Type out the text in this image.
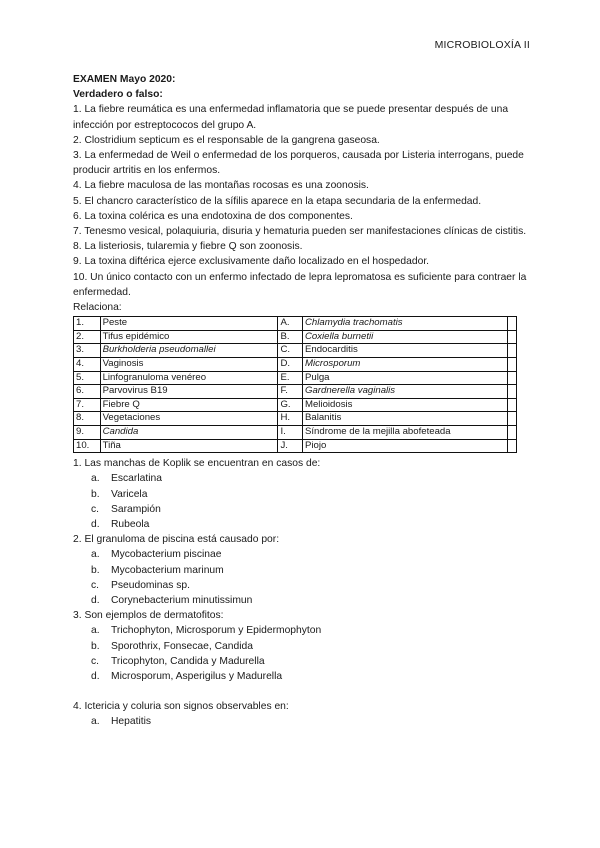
MICROBIOLOXÍA II

EXAMEN Mayo 2020:

Verdadero o falso:

1. La fiebre reumática es una enfermedad inflamatoria que se puede presentar después de una infección por estreptococos del grupo A.

2. Clostridium septicum es el responsable de la gangrena gaseosa.

3. La enfermedad de Weil o enfermedad de los porqueros, causada por Listeria interrogans, puede producir artritis en los enfermos.

4. La fiebre maculosa de las montañas rocosas es una zoonosis.

5. El chancro característico de la sífilis aparece en la etapa secundaria de la enfermedad.

6. La toxina colérica es una endotoxina de dos componentes.

7. Tenesmo vesical, polaquiuria, disuria y hematuria pueden ser manifestaciones clínicas de cistitis.

8. La listeriosis, tularemia y fiebre Q son zoonosis.

9. La toxina diftérica ejerce exclusivamente daño localizado en el hospedador.

10. Un único contacto con un enfermo infectado de lepra lepromatosa es suficiente para contraer la enfermedad.

Relaciona:

1.	Peste	A.	Chlamydia trachomatis	
2.	Tifus epidémico	B.	Coxiella burnetii	
3.	Burkholderia pseudomallei	C.	Endocarditis	
4.	Vaginosis	D.	Microsporum	
5.	Linfogranuloma venéreo	E.	Pulga	
6.	Parvovirus B19	F.	Gardnerella vaginalis	
7.	Fiebre Q	G.	Melioidosis	
8.	Vegetaciones	H.	Balanitis	
9.	Candida	I.	Síndrome de la mejilla abofeteada	
10.	Tiña	J.	Piojo	

1. Las manchas de Koplik se encuentran en casos de:

a. Escarlatina

b. Varicela

c. Sarampión

d. Rubeola

2. El granuloma de piscina está causado por:

a. Mycobacterium piscinae

b. Mycobacterium marinum

c. Pseudominas sp.

d. Corynebacterium minutissimun

3. Son ejemplos de dermatofitos:

a. Trichophyton, Microsporum y Epidermophyton

b. Sporothrix, Fonsecae, Candida

c. Tricophyton, Candida y Madurella

d. Microsporum, Asperigilus y Madurella

4. Ictericia y coluria son signos observables en:

a. Hepatitis
